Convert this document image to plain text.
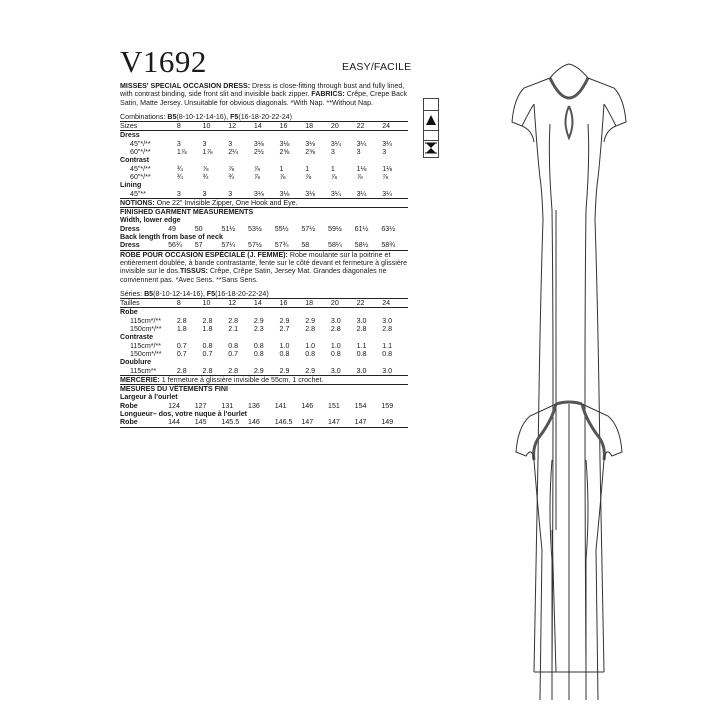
V1692	EASY/FACILE

MISSES' SPECIAL OCCASION DRESS: Dress is close-fitting through bust and fully lined, with contrast binding, side front slit and invisible back zipper. FABRICS: Crêpe, Crepe Back Satin, Matte Jersey. Unsuitable for obvious diagonals. *With Nap. **Without Nap.

Combinations: B5(8-10-12-14-16), F5(16-18-20-22-24)

Sizes	8	10	12	14	16	18	20	22	24
Dress									
45"*/**	3	3	3	3⅛	3⅛	3⅛	3¼	3¼	3¼
60"*/**	1⅞	1⅞	2¼	2½	2⅝	2⅝	3	3	3
Contrast									
45"*/**	¾	⅞	⅞	⅞	1	1	1	1⅛	1⅛
60"*/**	¾	¾	¾	⅞	⅞	⅞	⅞	⅞	⅞
Lining									
45"**	3	3	3	3⅛	3⅛	3⅛	3¼	3¼	3¼

NOTIONS: One 22" Invisible Zipper, One Hook and Eye.

FINISHED GARMENT MEASUREMENTS

Width, lower edge									
Dress	49	50	51½	53½	55½	57½	59½	61½	63½
Back length from base of neck									
Dress	56¾	57	57¼	57½	57¾	58	58¼	58½	58¾

ROBE POUR OCCASION ESPÉCIALE (J. FEMME): Robe moulante sur la poitrine et entièrement doublée, à bande contrastante, fente sur le côté devant et fermeture à glissière invisible sur le dos.TISSUS: Crêpe, Crêpe Satin, Jersey Mat. Grandes diagonales ne conviennent pas. *Avec Sens. **Sans Sens.

Séries: B5(8-10-12-14-16), F5(16-18-20-22-24)

Tailles	8	10	12	14	16	18	20	22	24
Robe									
115cm*/**	2.8	2.8	2.8	2.9	2.9	2.9	3.0	3.0	3.0
150cm*/**	1.8	1.8	2.1	2.3	2.7	2.8	2.8	2.8	2.8
Contraste									
115cm*/**	0.7	0.8	0.8	0.8	1.0	1.0	1.0	1.1	1.1
150cm*/**	0.7	0.7	0.7	0.8	0.8	0.8	0.8	0.8	0.8
Doublure									
115cm**	2.8	2.8	2.8	2.9	2.9	2.9	3.0	3.0	3.0

MERCERIE: 1 fermeture à glissière invisible de 55cm, 1 crochet.

MESURES DU VÊTEMENTS FINI

Largeur à l'ourlet									
Robe	124	127	131	136	141	146	151	154	159
Longueur– dos, votre nuque à l'ourlet									
Robe	144	145	145.5	146	146.5	147	147	147	149
